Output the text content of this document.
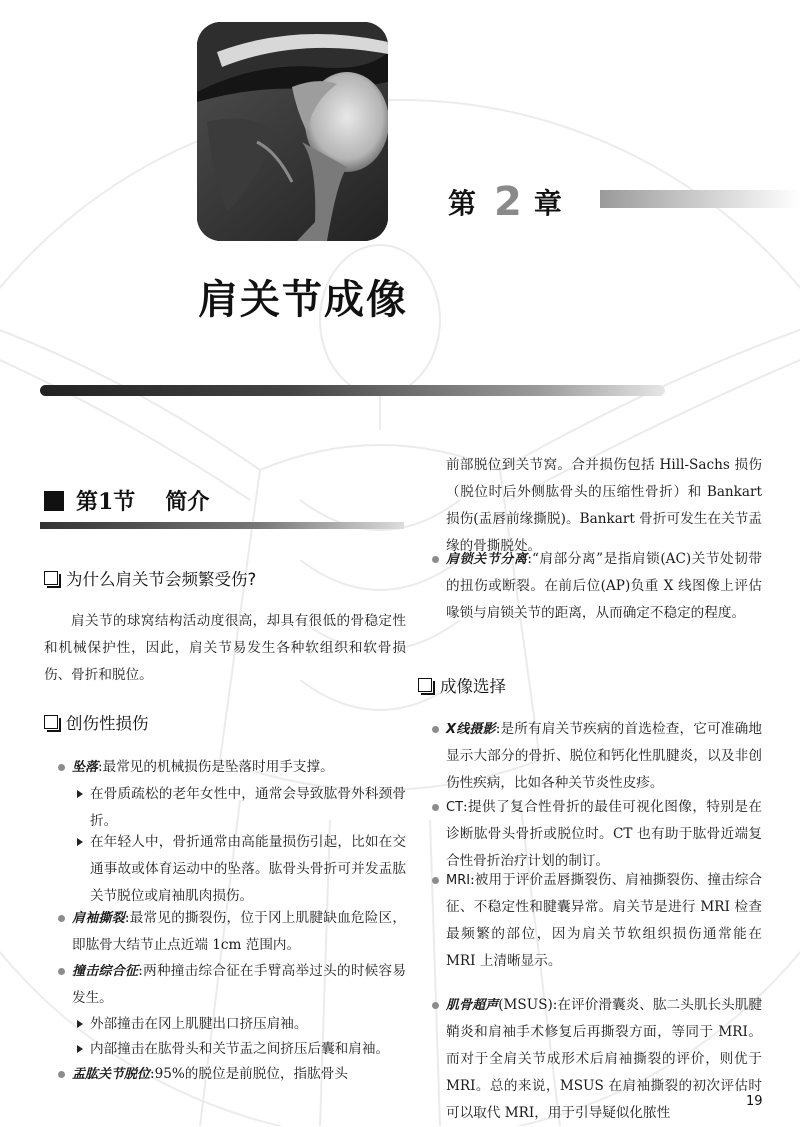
第 2 章
肩关节成像
第1节 简介
为什么肩关节会频繁受伤?
肩关节的球窝结构活动度很高，却具有很低的骨稳定性和机械保护性，因此，肩关节易发生各种软组织和软骨损伤、骨折和脱位。
创伤性损伤
坠落:最常见的机械损伤是坠落时用手支撑。
在骨质疏松的老年女性中，通常会导致肱骨外科颈骨折。
在年轻人中，骨折通常由高能量损伤引起，比如在交通事故或体育运动中的坠落。肱骨头骨折可并发盂肱关节脱位或肩袖肌肉损伤。
肩袖撕裂:最常见的撕裂伤，位于冈上肌腱缺血危险区，即肱骨大结节止点近端 1cm 范围内。
撞击综合征:两种撞击综合征在手臂高举过头的时候容易发生。
外部撞击在冈上肌腱出口挤压肩袖。
内部撞击在肱骨头和关节盂之间挤压后囊和肩袖。
盂肱关节脱位:95%的脱位是前脱位，指肱骨头
前部脱位到关节窝。合并损伤包括 Hill-Sachs 损伤（脱位时后外侧肱骨头的压缩性骨折）和 Bankart 损伤(盂唇前缘撕脱)。Bankart 骨折可发生在关节盂缘的骨撕脱处。
肩锁关节分离:“肩部分离”是指肩锁(AC)关节处韧带的扭伤或断裂。在前后位(AP)负重 X 线图像上评估喙锁与肩锁关节的距离，从而确定不稳定的程度。
成像选择
X线摄影:是所有肩关节疾病的首选检查，它可准确地显示大部分的骨折、脱位和钙化性肌腱炎，以及非创伤性疾病，比如各种关节炎性皮疹。
CT:提供了复合性骨折的最佳可视化图像，特别是在诊断肱骨头骨折或脱位时。CT 也有助于肱骨近端复合性骨折治疗计划的制订。
MRI:被用于评价盂唇撕裂伤、肩袖撕裂伤、撞击综合征、不稳定性和腱囊异常。肩关节是进行 MRI 检查最频繁的部位，因为肩关节软组织损伤通常能在 MRI 上清晰显示。
肌骨超声(MSUS):在评价滑囊炎、肱二头肌长头肌腱鞘炎和肩袖手术修复后再撕裂方面，等同于 MRI。而对于全肩关节成形术后肩袖撕裂的评价，则优于 MRI。总的来说，MSUS 在肩袖撕裂的初次评估时可以取代 MRI，用于引导疑似化脓性
19
